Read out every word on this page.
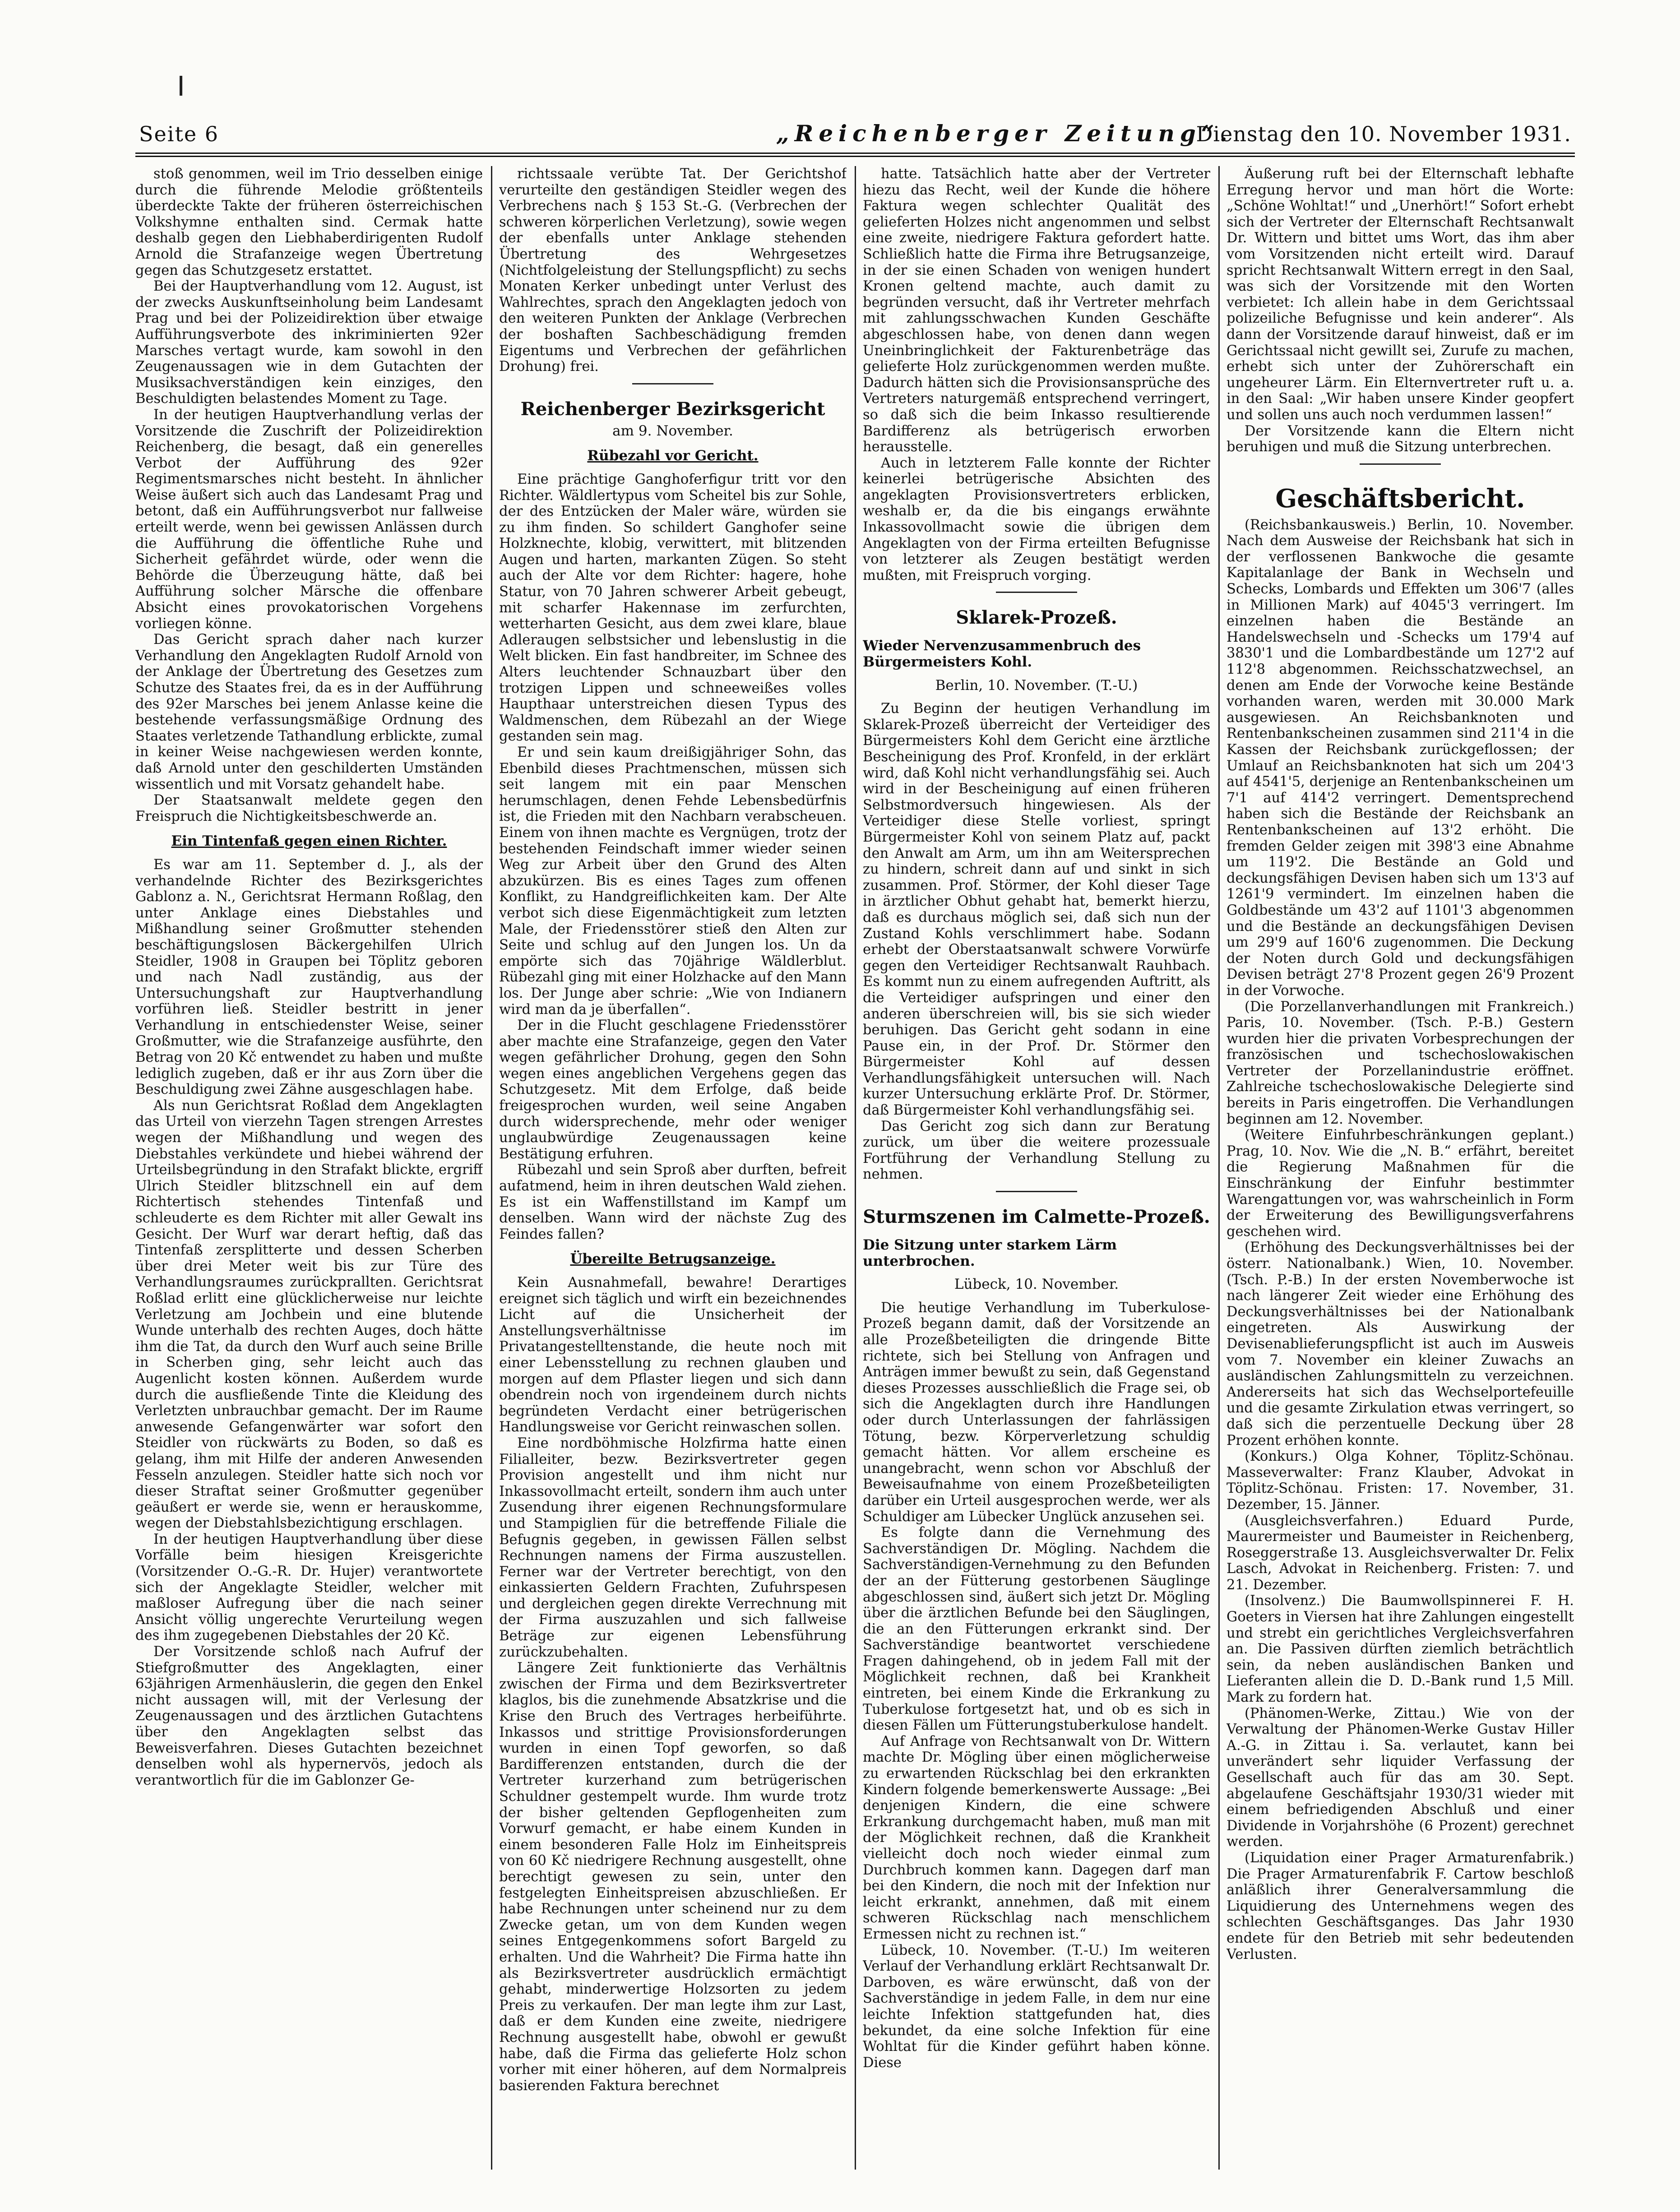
Seite 6	„Reichenberger Zeitung“.
Dienstag den 10. November 1931.

stoß genommen, weil im Trio desselben einige durch die führende Melodie größtenteils überdeckte Takte der früheren österreichischen Volkshymne enthalten sind. Cermak hatte deshalb gegen den Liebhaberdirigenten Rudolf Arnold die Strafanzeige wegen Übertretung gegen das Schutzgesetz erstattet.

Bei der Hauptverhandlung vom 12. August, ist der zwecks Auskunftseinholung beim Landesamt Prag und bei der Polizeidirektion über etwaige Aufführungsverbote des inkriminierten 92er Marsches vertagt wurde, kam sowohl in den Zeugenaussagen wie in dem Gutachten der Musiksachverständigen kein einziges, den Beschuldigten belastendes Moment zu Tage.

In der heutigen Hauptverhandlung verlas der Vorsitzende die Zuschrift der Polizeidirektion Reichenberg, die besagt, daß ein generelles Verbot der Aufführung des 92er Regimentsmarsches nicht besteht. In ähnlicher Weise äußert sich auch das Landesamt Prag und betont, daß ein Aufführungsverbot nur fallweise erteilt werde, wenn bei gewissen Anlässen durch die Aufführung die öffentliche Ruhe und Sicherheit gefährdet würde, oder wenn die Behörde die Überzeugung hätte, daß bei Aufführung solcher Märsche die offenbare Absicht eines provokatorischen Vorgehens vorliegen könne.

Das Gericht sprach daher nach kurzer Verhandlung den Angeklagten Rudolf Arnold von der Anklage der Übertretung des Gesetzes zum Schutze des Staates frei, da es in der Aufführung des 92er Marsches bei jenem Anlasse keine die bestehende verfassungsmäßige Ordnung des Staates verletzende Tathandlung erblickte, zumal in keiner Weise nachgewiesen werden konnte, daß Arnold unter den geschilderten Umständen wissentlich und mit Vorsatz gehandelt habe.

Der Staatsanwalt meldete gegen den Freispruch die Nichtigkeitsbeschwerde an.

Ein Tintenfaß gegen einen Richter.

Es war am 11. September d. J., als der verhandelnde Richter des Bezirksgerichtes Gablonz a. N., Gerichtsrat Hermann Roßlag, den unter Anklage eines Diebstahles und Mißhandlung seiner Großmutter stehenden beschäftigungslosen Bäckergehilfen Ulrich Steidler, 1908 in Graupen bei Töplitz geboren und nach Nadl zuständig, aus der Untersuchungshaft zur Hauptverhandlung vorführen ließ. Steidler bestritt in jener Verhandlung in entschiedenster Weise, seiner Großmutter, wie die Strafanzeige ausführte, den Betrag von 20 Kč entwendet zu haben und mußte lediglich zugeben, daß er ihr aus Zorn über die Beschuldigung zwei Zähne ausgeschlagen habe.

Als nun Gerichtsrat Roßlad dem Angeklagten das Urteil von vierzehn Tagen strengen Arrestes wegen der Mißhandlung und wegen des Diebstahles verkündete und hiebei während der Urteilsbegründung in den Strafakt blickte, ergriff Ulrich Steidler blitzschnell ein auf dem Richtertisch stehendes Tintenfaß und schleuderte es dem Richter mit aller Gewalt ins Gesicht. Der Wurf war derart heftig, daß das Tintenfaß zersplitterte und dessen Scherben über drei Meter weit bis zur Türe des Verhandlungsraumes zurückprallten. Gerichtsrat Roßlad erlitt eine glücklicherweise nur leichte Verletzung am Jochbein und eine blutende Wunde unterhalb des rechten Auges, doch hätte ihm die Tat, da durch den Wurf auch seine Brille in Scherben ging, sehr leicht auch das Augenlicht kosten können. Außerdem wurde durch die ausfließende Tinte die Kleidung des Verletzten unbrauchbar gemacht. Der im Raume anwesende Gefangenwärter war sofort den Steidler von rückwärts zu Boden, so daß es gelang, ihm mit Hilfe der anderen Anwesenden Fesseln anzulegen. Steidler hatte sich noch vor dieser Straftat seiner Großmutter gegenüber geäußert er werde sie, wenn er herauskomme, wegen der Diebstahlsbezichtigung erschlagen.

In der heutigen Hauptverhandlung über diese Vorfälle beim hiesigen Kreisgerichte (Vorsitzender O.-G.-R. Dr. Hujer) verantwortete sich der Angeklagte Steidler, welcher mit maßloser Aufregung über die nach seiner Ansicht völlig ungerechte Verurteilung wegen des ihm zugegebenen Diebstahles der 20 Kč.

Der Vorsitzende schloß nach Aufruf der Stiefgroßmutter des Angeklagten, einer 63jährigen Armenhäuslerin, die gegen den Enkel nicht aussagen will, mit der Verlesung der Zeugenaussagen und des ärztlichen Gutachtens über den Angeklagten selbst das Beweisverfahren. Dieses Gutachten bezeichnet denselben wohl als hypernervös, jedoch als verantwortlich für die im Gablonzer Ge-

richtssaale verübte Tat. Der Gerichtshof verurteilte den geständigen Steidler wegen des Verbrechens nach § 153 St.-G. (Verbrechen der schweren körperlichen Verletzung), sowie wegen der ebenfalls unter Anklage stehenden Übertretung des Wehrgesetzes (Nichtfolgeleistung der Stellungspflicht) zu sechs Monaten Kerker unbedingt unter Verlust des Wahlrechtes, sprach den Angeklagten jedoch von den weiteren Punkten der Anklage (Verbrechen der boshaften Sachbeschädigung fremden Eigentums und Verbrechen der gefährlichen Drohung) frei.

Reichenberger Bezirksgericht

am 9. November.

Rübezahl vor Gericht.

Eine prächtige Ganghoferfigur tritt vor den Richter. Wäldlertypus vom Scheitel bis zur Sohle, der des Entzücken der Maler wäre, würden sie zu ihm finden. So schildert Ganghofer seine Holzknechte, klobig, verwittert, mit blitzenden Augen und harten, markanten Zügen. So steht auch der Alte vor dem Richter: hagere, hohe Statur, von 70 Jahren schwerer Arbeit gebeugt, mit scharfer Hakennase im zerfurchten, wetterharten Gesicht, aus dem zwei klare, blaue Adleraugen selbstsicher und lebenslustig in die Welt blicken. Ein fast handbreiter, im Schnee des Alters leuchtender Schnauzbart über den trotzigen Lippen und schneeweißes volles Haupthaar unterstreichen diesen Typus des Waldmenschen, dem Rübezahl an der Wiege gestanden sein mag.

Er und sein kaum dreißigjähriger Sohn, das Ebenbild dieses Prachtmenschen, müssen sich seit langem mit ein paar Menschen herumschlagen, denen Fehde Lebensbedürfnis ist, die Frieden mit den Nachbarn verabscheuen. Einem von ihnen machte es Vergnügen, trotz der bestehenden Feindschaft immer wieder seinen Weg zur Arbeit über den Grund des Alten abzukürzen. Bis es eines Tages zum offenen Konflikt, zu Handgreiflichkeiten kam. Der Alte verbot sich diese Eigenmächtigkeit zum letzten Male, der Friedensstörer stieß den Alten zur Seite und schlug auf den Jungen los. Un da empörte sich das 70jährige Wäldlerblut. Rübezahl ging mit einer Holzhacke auf den Mann los. Der Junge aber schrie: „Wie von Indianern wird man da je überfallen“.

Der in die Flucht geschlagene Friedensstörer aber machte eine Strafanzeige, gegen den Vater wegen gefährlicher Drohung, gegen den Sohn wegen eines angeblichen Vergehens gegen das Schutzgesetz. Mit dem Erfolge, daß beide freigesprochen wurden, weil seine Angaben durch widersprechende, mehr oder weniger unglaubwürdige Zeugenaussagen keine Bestätigung erfuhren.

Rübezahl und sein Sproß aber durften, befreit aufatmend, heim in ihren deutschen Wald ziehen. Es ist ein Waffenstillstand im Kampf um denselben. Wann wird der nächste Zug des Feindes fallen?

Übereilte Betrugsanzeige.

Kein Ausnahmefall, bewahre! Derartiges ereignet sich täglich und wirft ein bezeichnendes Licht auf die Unsicherheit der Anstellungsverhältnisse im Privatangestelltenstande, die heute noch mit einer Lebensstellung zu rechnen glauben und morgen auf dem Pflaster liegen und sich dann obendrein noch von irgendeinem durch nichts begründeten Verdacht einer betrügerischen Handlungsweise vor Gericht reinwaschen sollen.

Eine nordböhmische Holzfirma hatte einen Filialleiter, bezw. Bezirksvertreter gegen Provision angestellt und ihm nicht nur Inkassovollmacht erteilt, sondern ihm auch unter Zusendung ihrer eigenen Rechnungsformulare und Stampiglien für die betreffende Filiale die Befugnis gegeben, in gewissen Fällen selbst Rechnungen namens der Firma auszustellen. Ferner war der Vertreter berechtigt, von den einkassierten Geldern Frachten, Zufuhrspesen und dergleichen gegen direkte Verrechnung mit der Firma auszuzahlen und sich fallweise Beträge zur eigenen Lebensführung zurückzubehalten.

Längere Zeit funktionierte das Verhältnis zwischen der Firma und dem Bezirksvertreter klaglos, bis die zunehmende Absatzkrise und die Krise den Bruch des Vertrages herbeiführte. Inkassos und strittige Provisionsforderungen wurden in einen Topf geworfen, so daß Bardifferenzen entstanden, durch die der Vertreter kurzerhand zum betrügerischen Schuldner gestempelt wurde. Ihm wurde trotz der bisher geltenden Gepflogenheiten zum Vorwurf gemacht, er habe einem Kunden in einem besonderen Falle Holz im Einheitspreis von 60 Kč niedrigere Rechnung ausgestellt, ohne berechtigt gewesen zu sein, unter den festgelegten Einheitspreisen abzuschließen. Er habe Rechnungen unter scheinend nur zu dem Zwecke getan, um von dem Kunden wegen seines Entgegenkommens sofort Bargeld zu erhalten. Und die Wahrheit? Die Firma hatte ihn als Bezirksvertreter ausdrücklich ermächtigt gehabt, minderwertige Holzsorten zu jedem Preis zu verkaufen. Der man legte ihm zur Last, daß er dem Kunden eine zweite, niedrigere Rechnung ausgestellt habe, obwohl er gewußt habe, daß die Firma das gelieferte Holz schon vorher mit einer höheren, auf dem Normalpreis basierenden Faktura berechnet

hatte. Tatsächlich hatte aber der Vertreter hiezu das Recht, weil der Kunde die höhere Faktura wegen schlechter Qualität des gelieferten Holzes nicht angenommen und selbst eine zweite, niedrigere Faktura gefordert hatte. Schließlich hatte die Firma ihre Betrugsanzeige, in der sie einen Schaden von wenigen hundert Kronen geltend machte, auch damit zu begründen versucht, daß ihr Vertreter mehrfach mit zahlungsschwachen Kunden Geschäfte abgeschlossen habe, von denen dann wegen Uneinbringlichkeit der Fakturenbeträge das gelieferte Holz zurückgenommen werden mußte. Dadurch hätten sich die Provisionsansprüche des Vertreters naturgemäß entsprechend verringert, so daß sich die beim Inkasso resultierende Bardifferenz als betrügerisch erworben herausstelle.

Auch in letzterem Falle konnte der Richter keinerlei betrügerische Absichten des angeklagten Provisionsvertreters erblicken, weshalb er, da die bis eingangs erwähnte Inkassovollmacht sowie die übrigen dem Angeklagten von der Firma erteilten Befugnisse von letzterer als Zeugen bestätigt werden mußten, mit Freispruch vorging.

Sklarek-Prozeß.

Wieder Nervenzusammenbruch des Bürgermeisters Kohl.

Berlin, 10. November. (T.-U.)

Zu Beginn der heutigen Verhandlung im Sklarek-Prozeß überreicht der Verteidiger des Bürgermeisters Kohl dem Gericht eine ärztliche Bescheinigung des Prof. Kronfeld, in der erklärt wird, daß Kohl nicht verhandlungsfähig sei. Auch wird in der Bescheinigung auf einen früheren Selbstmordversuch hingewiesen. Als der Verteidiger diese Stelle vorliest, springt Bürgermeister Kohl von seinem Platz auf, packt den Anwalt am Arm, um ihn am Weitersprechen zu hindern, schreit dann auf und sinkt in sich zusammen. Prof. Störmer, der Kohl dieser Tage in ärztlicher Obhut gehabt hat, bemerkt hierzu, daß es durchaus möglich sei, daß sich nun der Zustand Kohls verschlimmert habe. Sodann erhebt der Oberstaatsanwalt schwere Vorwürfe gegen den Verteidiger Rechtsanwalt Rauhbach. Es kommt nun zu einem aufregenden Auftritt, als die Verteidiger aufspringen und einer den anderen überschreien will, bis sie sich wieder beruhigen. Das Gericht geht sodann in eine Pause ein, in der Prof. Dr. Störmer den Bürgermeister Kohl auf dessen Verhandlungsfähigkeit untersuchen will. Nach kurzer Untersuchung erklärte Prof. Dr. Störmer, daß Bürgermeister Kohl verhandlungsfähig sei.

Das Gericht zog sich dann zur Beratung zurück, um über die weitere prozessuale Fortführung der Verhandlung Stellung zu nehmen.

Sturmszenen im Calmette-Prozeß.

Die Sitzung unter starkem Lärm unterbrochen.

Lübeck, 10. November.

Die heutige Verhandlung im Tuberkulose-Prozeß begann damit, daß der Vorsitzende an alle Prozeßbeteiligten die dringende Bitte richtete, sich bei Stellung von Anfragen und Anträgen immer bewußt zu sein, daß Gegenstand dieses Prozesses ausschließlich die Frage sei, ob sich die Angeklagten durch ihre Handlungen oder durch Unterlassungen der fahrlässigen Tötung, bezw. Körperverletzung schuldig gemacht hätten. Vor allem erscheine es unangebracht, wenn schon vor Abschluß der Beweisaufnahme von einem Prozeßbeteiligten darüber ein Urteil ausgesprochen werde, wer als Schuldiger am Lübecker Unglück anzusehen sei.

Es folgte dann die Vernehmung des Sachverständigen Dr. Mögling. Nachdem die Sachverständigen-Vernehmung zu den Befunden der an der Fütterung gestorbenen Säuglinge abgeschlossen sind, äußert sich jetzt Dr. Mögling über die ärztlichen Befunde bei den Säuglingen, die an den Fütterungen erkrankt sind. Der Sachverständige beantwortet verschiedene Fragen dahingehend, ob in jedem Fall mit der Möglichkeit rechnen, daß bei Krankheit eintreten, bei einem Kinde die Erkrankung zu Tuberkulose fortgesetzt hat, und ob es sich in diesen Fällen um Fütterungstuberkulose handelt.

Auf Anfrage von Rechtsanwalt von Dr. Wittern machte Dr. Mögling über einen möglicherweise zu erwartenden Rückschlag bei den erkrankten Kindern folgende bemerkenswerte Aussage: „Bei denjenigen Kindern, die eine schwere Erkrankung durchgemacht haben, muß man mit der Möglichkeit rechnen, daß die Krankheit vielleicht doch noch wieder einmal zum Durchbruch kommen kann. Dagegen darf man bei den Kindern, die noch mit der Infektion nur leicht erkrankt, annehmen, daß mit einem schweren Rückschlag nach menschlichem Ermessen nicht zu rechnen ist.“

Lübeck, 10. November. (T.-U.) Im weiteren Verlauf der Verhandlung erklärt Rechtsanwalt Dr. Darboven, es wäre erwünscht, daß von der Sachverständige in jedem Falle, in dem nur eine leichte Infektion stattgefunden hat, dies bekundet, da eine solche Infektion für eine Wohltat für die Kinder geführt haben könne. Diese

Äußerung ruft bei der Elternschaft lebhafte Erregung hervor und man hört die Worte: „Schöne Wohltat!“ und „Unerhört!“ Sofort erhebt sich der Vertreter der Elternschaft Rechtsanwalt Dr. Wittern und bittet ums Wort, das ihm aber vom Vorsitzenden nicht erteilt wird. Darauf spricht Rechtsanwalt Wittern erregt in den Saal, was sich der Vorsitzende mit den Worten verbietet: Ich allein habe in dem Gerichtssaal polizeiliche Befugnisse und kein anderer“. Als dann der Vorsitzende darauf hinweist, daß er im Gerichtssaal nicht gewillt sei, Zurufe zu machen, erhebt sich unter der Zuhörerschaft ein ungeheurer Lärm. Ein Elternvertreter ruft u. a. in den Saal: „Wir haben unsere Kinder geopfert und sollen uns auch noch verdummen lassen!“

Der Vorsitzende kann die Eltern nicht beruhigen und muß die Sitzung unterbrechen.

Geschäftsbericht.

(Reichsbankausweis.) Berlin, 10. November. Nach dem Ausweise der Reichsbank hat sich in der verflossenen Bankwoche die gesamte Kapitalanlage der Bank in Wechseln und Schecks, Lombards und Effekten um 306'7 (alles in Millionen Mark) auf 4045'3 verringert. Im einzelnen haben die Bestände an Handelswechseln und -Schecks um 179'4 auf 3830'1 und die Lombardbestände um 127'2 auf 112'8 abgenommen. Reichsschatzwechsel, an denen am Ende der Vorwoche keine Bestände vorhanden waren, werden mit 30.000 Mark ausgewiesen. An Reichsbanknoten und Rentenbankscheinen zusammen sind 211'4 in die Kassen der Reichsbank zurückgeflossen; der Umlauf an Reichsbanknoten hat sich um 204'3 auf 4541'5, derjenige an Rentenbankscheinen um 7'1 auf 414'2 verringert. Dementsprechend haben sich die Bestände der Reichsbank an Rentenbankscheinen auf 13'2 erhöht. Die fremden Gelder zeigen mit 398'3 eine Abnahme um 119'2. Die Bestände an Gold und deckungsfähigen Devisen haben sich um 13'3 auf 1261'9 vermindert. Im einzelnen haben die Goldbestände um 43'2 auf 1101'3 abgenommen und die Bestände an deckungsfähigen Devisen um 29'9 auf 160'6 zugenommen. Die Deckung der Noten durch Gold und deckungsfähigen Devisen beträgt 27'8 Prozent gegen 26'9 Prozent in der Vorwoche.

(Die Porzellanverhandlungen mit Frankreich.) Paris, 10. November. (Tsch. P.-B.) Gestern wurden hier die privaten Vorbesprechungen der französischen und tschechoslowakischen Vertreter der Porzellanindustrie eröffnet. Zahlreiche tschechoslowakische Delegierte sind bereits in Paris eingetroffen. Die Verhandlungen beginnen am 12. November.

(Weitere Einfuhrbeschränkungen geplant.) Prag, 10. Nov. Wie die „N. B.“ erfährt, bereitet die Regierung Maßnahmen für die Einschränkung der Einfuhr bestimmter Warengattungen vor, was wahrscheinlich in Form der Erweiterung des Bewilligungsverfahrens geschehen wird.

(Erhöhung des Deckungsverhältnisses bei der österr. Nationalbank.) Wien, 10. November. (Tsch. P.-B.) In der ersten Novemberwoche ist nach längerer Zeit wieder eine Erhöhung des Deckungsverhältnisses bei der Nationalbank eingetreten. Als Auswirkung der Devisenablieferungspflicht ist auch im Ausweis vom 7. November ein kleiner Zuwachs an ausländischen Zahlungsmitteln zu verzeichnen. Andererseits hat sich das Wechselportefeuille und die gesamte Zirkulation etwas verringert, so daß sich die perzentuelle Deckung über 28 Prozent erhöhen konnte.

(Konkurs.) Olga Kohner, Töplitz-Schönau. Masseverwalter: Franz Klauber, Advokat in Töplitz-Schönau. Fristen: 17. November, 31. Dezember, 15. Jänner.

(Ausgleichsverfahren.) Eduard Purde, Maurermeister und Baumeister in Reichenberg, Roseggerstraße 13. Ausgleichsverwalter Dr. Felix Lasch, Advokat in Reichenberg. Fristen: 7. und 21. Dezember.

(Insolvenz.) Die Baumwollspinnerei F. H. Goeters in Viersen hat ihre Zahlungen eingestellt und strebt ein gerichtliches Vergleichsverfahren an. Die Passiven dürften ziemlich beträchtlich sein, da neben ausländischen Banken und Lieferanten allein die D. D.-Bank rund 1,5 Mill. Mark zu fordern hat.

(Phänomen-Werke, Zittau.) Wie von der Verwaltung der Phänomen-Werke Gustav Hiller A.-G. in Zittau i. Sa. verlautet, kann bei unverändert sehr liquider Verfassung der Gesellschaft auch für das am 30. Sept. abgelaufene Geschäftsjahr 1930/31 wieder mit einem befriedigenden Abschluß und einer Dividende in Vorjahrshöhe (6 Prozent) gerechnet werden.

(Liquidation einer Prager Armaturenfabrik.) Die Prager Armaturenfabrik F. Cartow beschloß anläßlich ihrer Generalversammlung die Liquidierung des Unternehmens wegen des schlechten Geschäftsganges. Das Jahr 1930 endete für den Betrieb mit sehr bedeutenden Verlusten.
